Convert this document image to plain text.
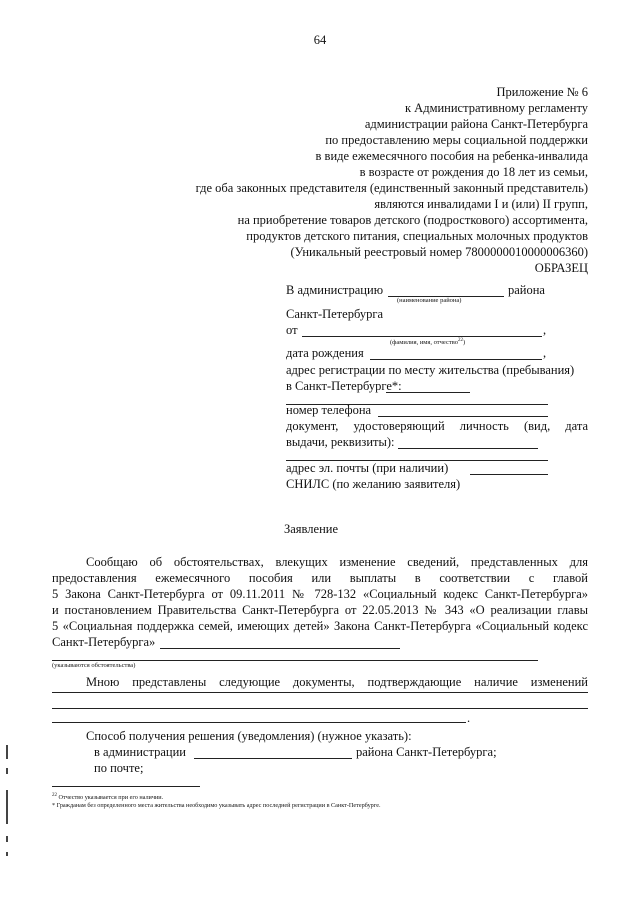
64
Приложение № 6
к Административному регламенту
администрации района Санкт-Петербурга
по предоставлению меры социальной поддержки
в виде ежемесячного пособия на ребенка-инвалида
в возрасте от рождения до 18 лет из семьи,
где оба законных представителя (единственный законный представитель)
являются инвалидами I и (или) II групп,
на приобретение товаров детского (подросткового) ассортимента,
продуктов детского питания, специальных молочных продуктов
(Уникальный реестровый номер 7800000010000006360)
ОБРАЗЕЦ
В администрацию	района
(наименование района)
Санкт-Петербурга
от	,
(фамилия, имя, отчество$^{22}$)
дата рождения	,
адрес регистрации по месту жительства (пребывания)
в Санкт-Петербурге*:
номер телефона
документ, удостоверяющий личность (вид, дата
выдачи, реквизиты):
адрес эл. почты (при наличии)
СНИЛС (по желанию заявителя)
Заявление
Сообщаю об обстоятельствах, влекущих изменение сведений, представленных для
предоставления ежемесячного пособия или выплаты в соответствии с главой
5 Закона Санкт-Петербурга от 09.11.2011 № 728-132 «Социальный кодекс Санкт-Петербурга»
и постановлением Правительства Санкт-Петербурга от 22.05.2013 № 343 «О реализации главы
5 «Социальная поддержка семей, имеющих детей» Закона Санкт-Петербурга «Социальный кодекс
Санкт-Петербурга»
(указываются обстоятельства)
Мною представлены следующие документы, подтверждающие наличие изменений
.
Способ получения решения (уведомления) (нужное указать):
в администрации	района Санкт-Петербурга;
по почте;
$^{22}$ Отчество указывается при его наличии.
* Гражданам без определенного места жительства необходимо указывать адрес последней регистрации в Санкт-Петербурге.
